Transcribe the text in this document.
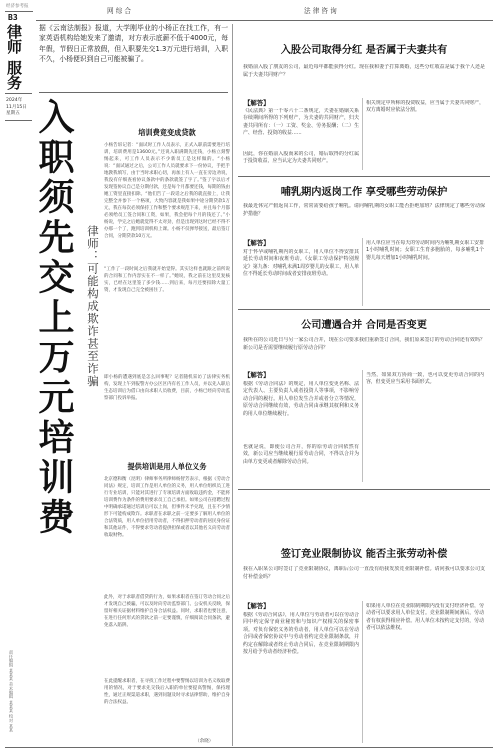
经济参考报
B3
律师
服务
2024年
11月15日
星期五
责任编辑 某某某 美术编辑 某某某 校对 某某
网 综 合	法 律 咨 询
据《云南法制报》报道，大学刚毕业的小杨正在找工作，有一家英语机构给她发来了邀请，对方表示底薪不低于4000元，每年假，节假日正常放假，但入职要先交1.3万元进行培训，入职不久，小杨便识到自己可能被骗了。
入职须先交上万元培训费	律师：可能构成欺诈甚至诈骗
培训费竟变成贷款
小杨告诉记者：“面试时工作人员表示，正式入职前需要进行培训，培训费用是13600元。”还说入职满期先还钱，小杨立刻警惕起来，可工作人员表示不少新员工是这样做的。“小杨说：“面试通过之后，公司工作人员就要求下一份协议，手把手地教我填写，由于当时求职心切，再加上有人一直在旁边劝说，我没有仔细查看协议条款中的条款就签了字了。”签了字以后才发现签协议自己是分期付款，还是每个月都要还钱，每期的钱由她工资里直接扣除。“他们告了一段话之后我的就直接上，让我完整全并参下一个格项，大致内容就是我如果中途分期贷款1万元，我在每次必须保持工作和整个要求规范下来，并且每个月都必须给员工签合同和工资，如果，我会把每个月的钱还了。”小杨说，学完之后她就觉得不太对劲，但是出现到这时已经不得不办那一个了，跑到培训机构上课。小杨不仅弹琴接送，最后签订合同，分期贷款10万元。
“工作了一段时间之后我就开始觉得。其实这样也就跟之前所说的合同和工作内容实在不一样了。”她说，我之前在这里反复核实，已经在这里签了多少钱……到后来，每月还要扣除大量工资，才发现自己完全被困住了。
即小杨的遭遇到底是怎么回事呢？记者随机采访了法律实务机构，发现上午到报警方办公区区内有名工作人员，并以先入职后生态培训后为借口由向求职人员收费，目前，小杨已经向劳动监察部门投诉举报。
提供培训是用人单位义务
北京德和衡（昆明）律师事务所律师杨智芳表示，根据《劳动合同法》规定，培训工作是用人单位的义务，用人单位组织员工进行专业培训，只能对其进行了专项培训方面收取违约金，不能将培训费作为条件的费用要求员工自己承担。如果公司在招聘过程中明确承诺通过培训后可以上岗，但事件未予兑现，且在不少情形下可能构成欺诈。求职者在求职之前一定要多了解用人单位的合法资质，用人单位招用劳动者，不得扣押劳动者的居民身份证和其他证件，不得要求劳动者提供担保或者以其他名义向劳动者收取财物。
此外，对于求职者借贷的行为，如果求职者在签订劳动合同之后才发现自己被骗，可以及时向劳动监察部门、公安机关反映，保留好相关证据材料维护自身合法权益。同时，求职者也要注意，在进行任何形式的贷款之前一定要谨慎，仔细阅读合同条款，避免落入陷阱。
在此提醒求职者，在寻找工作过程中要警惕以培训为名义收取费用的情况，对于要求先交钱后入职的单位要提高警惕，保持理性，通过正规渠道求职，遇到问题及时寻求法律帮助，维护自身的合法权益。
（余晓）
入股公司取得分红 是否属于夫妻共有
我婚前入股了朋友的公司，最近每年都能获得分红。现在我和妻子打算离婚，这些分红收益是属于我个人还是属于夫妻共同财产？
【解答】
《民法典》第一千零六十二条规定，夫妻在婚姻关系存续期间所得的下列财产，为夫妻的共同财产，归夫妻共同所有：（一）工资、奖金、劳务报酬；（二）生产、经营、投资的收益……
因此，你在婚前入股而来的公司，婚后取得的分红属于投资收益，应当认定为夫妻共同财产。
相关规定中所称的投资收益，应当属于夫妻共同财产，双方离婚时应依法分割。
哺乳期内返岗工作 享受哪些劳动保护
我最近休完产假返岗工作，常常需要给孩子哺乳。请问哺乳期的女职工能否拒绝加班？法律规定了哪些劳动保护措施？
【解答】
对于怀孕或哺乳期内的女职工，用人单位不得安排其延长劳动时间和夜班劳动。《女职工劳动保护特别规定》第九条：对哺乳未满1周岁婴儿的女职工，用人单位不得延长劳动时间或者安排夜班劳动。
用人单位应当在每天的劳动时间内为哺乳期女职工安排1小时哺乳时间；女职工生育多胞胎的，每多哺乳1个婴儿每天增加1小时哺乳时间。
公司遭遇合并 合同是否变更
我所在的公司近日与另一家公司合并，现在公司要求我们重新签订合同，我们原来签订的劳动合同还有效吗？新公司是否需要继续履行原劳动合同？
【解答】
根据《劳动合同法》的规定，用人单位变更名称、法定代表人、主要负责人或者投资人等事项，不影响劳动合同的履行。用人单位发生合并或者分立等情况，原劳动合同继续有效，劳动合同由承继其权利和义务的用人单位继续履行。
也就是说，即使公司合并，你的原劳动合同依然有效，新公司应当继续履行原劳动合同，不得以合并为由单方变更或者解除劳动合同。
当然，如果双方协商一致，也可以变更劳动合同的内容，但变更应当采用书面形式。
签订竞业限制协议 能否主张劳动补偿
我在入职某公司时签订了竞业限制协议，离职后公司一直没有给我发放竞业限制补偿。请问我可以要求公司支付补偿金吗？
【解答】
根据《劳动合同法》，用人单位与劳动者可以在劳动合同中约定保守商业秘密和与知识产权相关的保密事项。对负有保密义务的劳动者，用人单位可以在劳动合同或者保密协议中与劳动者约定竞业限制条款，并约定在解除或者终止劳动合同后，在竞业限制期限内按月给予劳动者经济补偿。
如果用人单位在竞业限制期限内没有支付经济补偿，劳动者可以要求用人单位支付。竞业限制期间满后，劳动者有权获得相应补偿。用人单位未按约定支付的，劳动者可以依法维权。
